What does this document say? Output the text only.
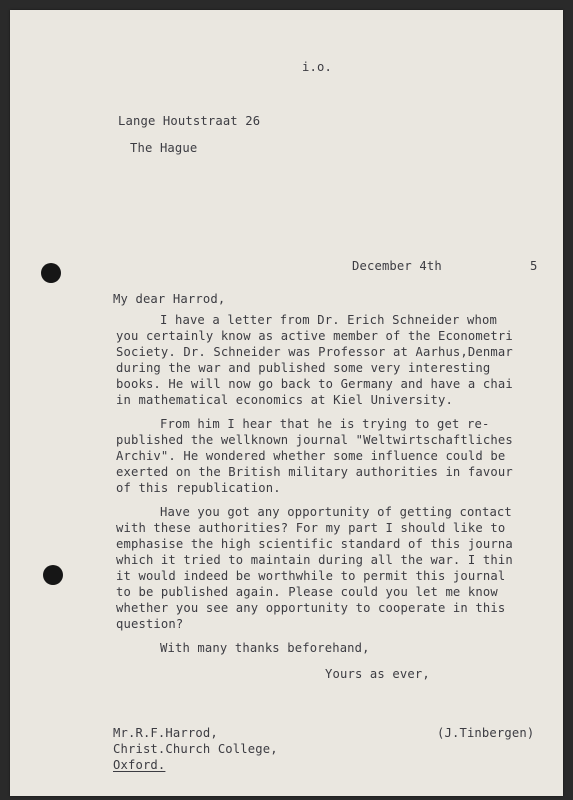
i.o.
Lange Houtstraat 26
The Hague
December 4th	5
My dear Harrod,
I have a letter from Dr. Erich Schneider whom
you certainly know as active member of the Econometri
Society. Dr. Schneider was Professor at Aarhus,Denmar
during the war and published some very interesting
books. He will now go back to Germany and have a chai
in mathematical economics at Kiel University.
From him I hear that he is trying to get re-
published the wellknown journal "Weltwirtschaftliches
Archiv". He wondered whether some influence could be
exerted on the British military authorities in favour
of this republication.
Have you got any opportunity of getting contact
with these authorities? For my part I should like to
emphasise the high scientific standard of this journa
which it tried to maintain during all the war. I thin
it would indeed be worthwhile to permit this journal
to be published again. Please could you let me know
whether you see any opportunity to cooperate in this
question?
With many thanks beforehand,
Yours as ever,
(J.Tinbergen)
Mr.R.F.Harrod,
Christ.Church College,
Oxford.
